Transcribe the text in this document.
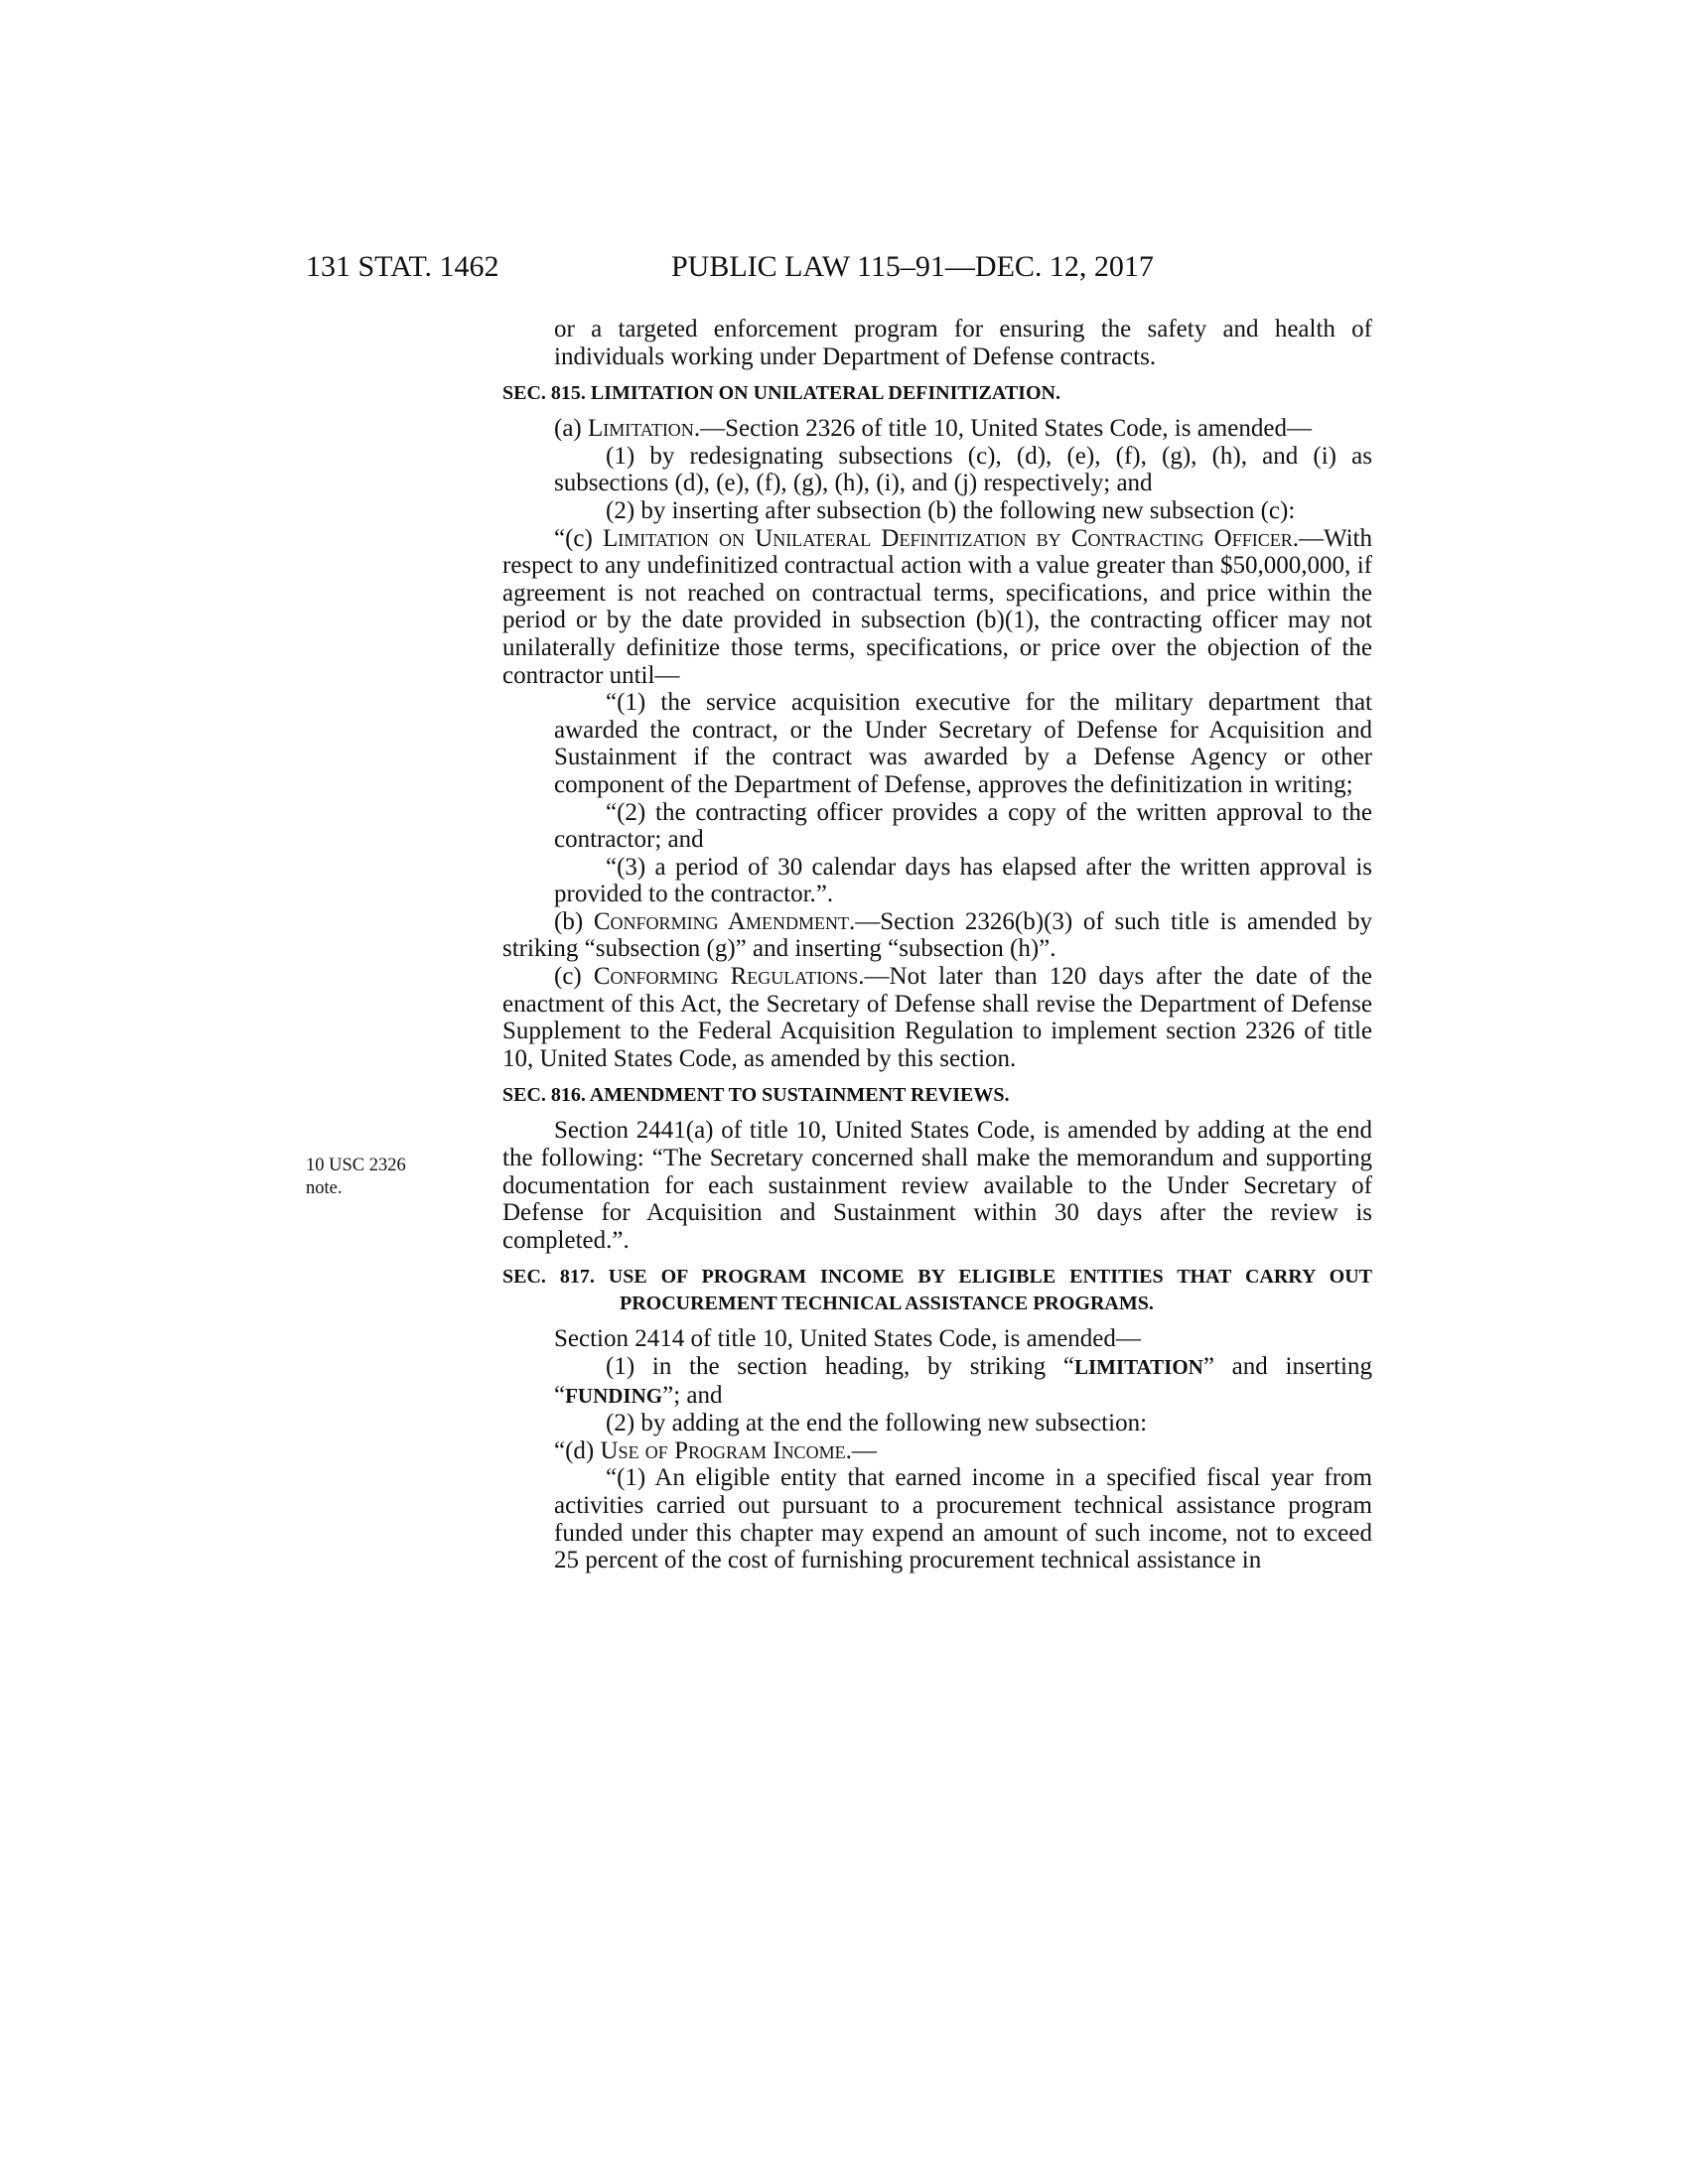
131 STAT. 1462	PUBLIC LAW 115–91—DEC. 12, 2017
10 USC 2326
note.

or a targeted enforcement program for ensuring the safety and health of individuals working under Department of Defense contracts.

SEC. 815. LIMITATION ON UNILATERAL DEFINITIZATION.

(a) Limitation.—Section 2326 of title 10, United States Code, is amended—

(1) by redesignating subsections (c), (d), (e), (f), (g), (h), and (i) as subsections (d), (e), (f), (g), (h), (i), and (j) respectively; and

(2) by inserting after subsection (b) the following new subsection (c):

“(c) Limitation on Unilateral Definitization by Contracting Officer.—With respect to any undefinitized contractual action with a value greater than $50,000,000, if agreement is not reached on contractual terms, specifications, and price within the period or by the date provided in subsection (b)(1), the contracting officer may not unilaterally definitize those terms, specifications, or price over the objection of the contractor until—

“(1) the service acquisition executive for the military department that awarded the contract, or the Under Secretary of Defense for Acquisition and Sustainment if the contract was awarded by a Defense Agency or other component of the Department of Defense, approves the definitization in writing;

“(2) the contracting officer provides a copy of the written approval to the contractor; and

“(3) a period of 30 calendar days has elapsed after the written approval is provided to the contractor.”.

(b) Conforming Amendment.—Section 2326(b)(3) of such title is amended by striking “subsection (g)” and inserting “subsection (h)”.

(c) Conforming Regulations.—Not later than 120 days after the date of the enactment of this Act, the Secretary of Defense shall revise the Department of Defense Supplement to the Federal Acquisition Regulation to implement section 2326 of title 10, United States Code, as amended by this section.

SEC. 816. AMENDMENT TO SUSTAINMENT REVIEWS.

Section 2441(a) of title 10, United States Code, is amended by adding at the end the following: “The Secretary concerned shall make the memorandum and supporting documentation for each sustainment review available to the Under Secretary of Defense for Acquisition and Sustainment within 30 days after the review is completed.”.

SEC. 817. USE OF PROGRAM INCOME BY ELIGIBLE ENTITIES THAT CARRY OUT PROCUREMENT TECHNICAL ASSISTANCE PROGRAMS.

Section 2414 of title 10, United States Code, is amended—

(1) in the section heading, by striking “LIMITATION” and inserting “FUNDING”; and

(2) by adding at the end the following new subsection:

“(d) Use of Program Income.—

“(1) An eligible entity that earned income in a specified fiscal year from activities carried out pursuant to a procurement technical assistance program funded under this chapter may expend an amount of such income, not to exceed 25 percent of the cost of furnishing procurement technical assistance in
